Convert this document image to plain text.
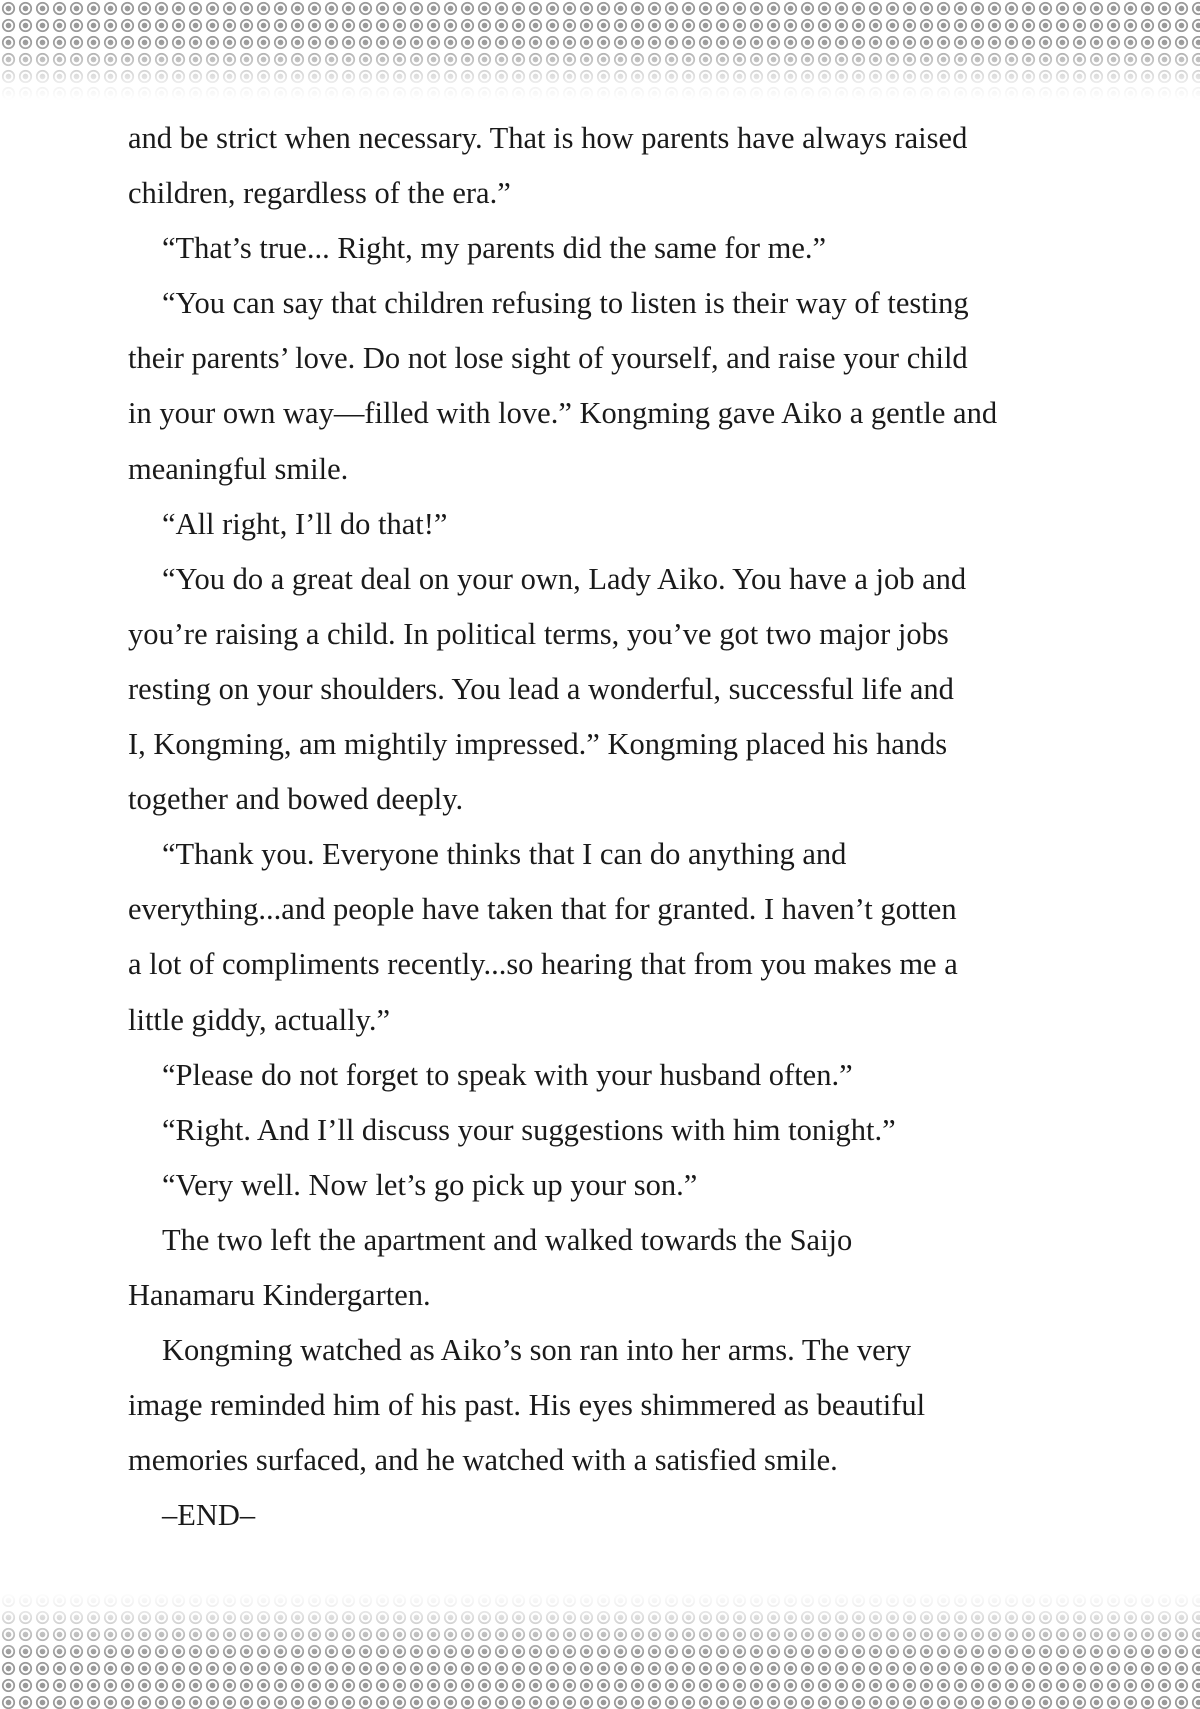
and be strict when necessary. That is how parents have always raised
children, regardless of the era.”
“That’s true... Right, my parents did the same for me.”
“You can say that children refusing to listen is their way of testing
their parents’ love. Do not lose sight of yourself, and raise your child
in your own way—filled with love.” Kongming gave Aiko a gentle and
meaningful smile.
“All right, I’ll do that!”
“You do a great deal on your own, Lady Aiko. You have a job and
you’re raising a child. In political terms, you’ve got two major jobs
resting on your shoulders. You lead a wonderful, successful life and
I, Kongming, am mightily impressed.” Kongming placed his hands
together and bowed deeply.
“Thank you. Everyone thinks that I can do anything and
everything...and people have taken that for granted. I haven’t gotten
a lot of compliments recently...so hearing that from you makes me a
little giddy, actually.”
“Please do not forget to speak with your husband often.”
“Right. And I’ll discuss your suggestions with him tonight.”
“Very well. Now let’s go pick up your son.”
The two left the apartment and walked towards the Saijo
Hanamaru Kindergarten.
Kongming watched as Aiko’s son ran into her arms. The very
image reminded him of his past. His eyes shimmered as beautiful
memories surfaced, and he watched with a satisfied smile.
–END–
